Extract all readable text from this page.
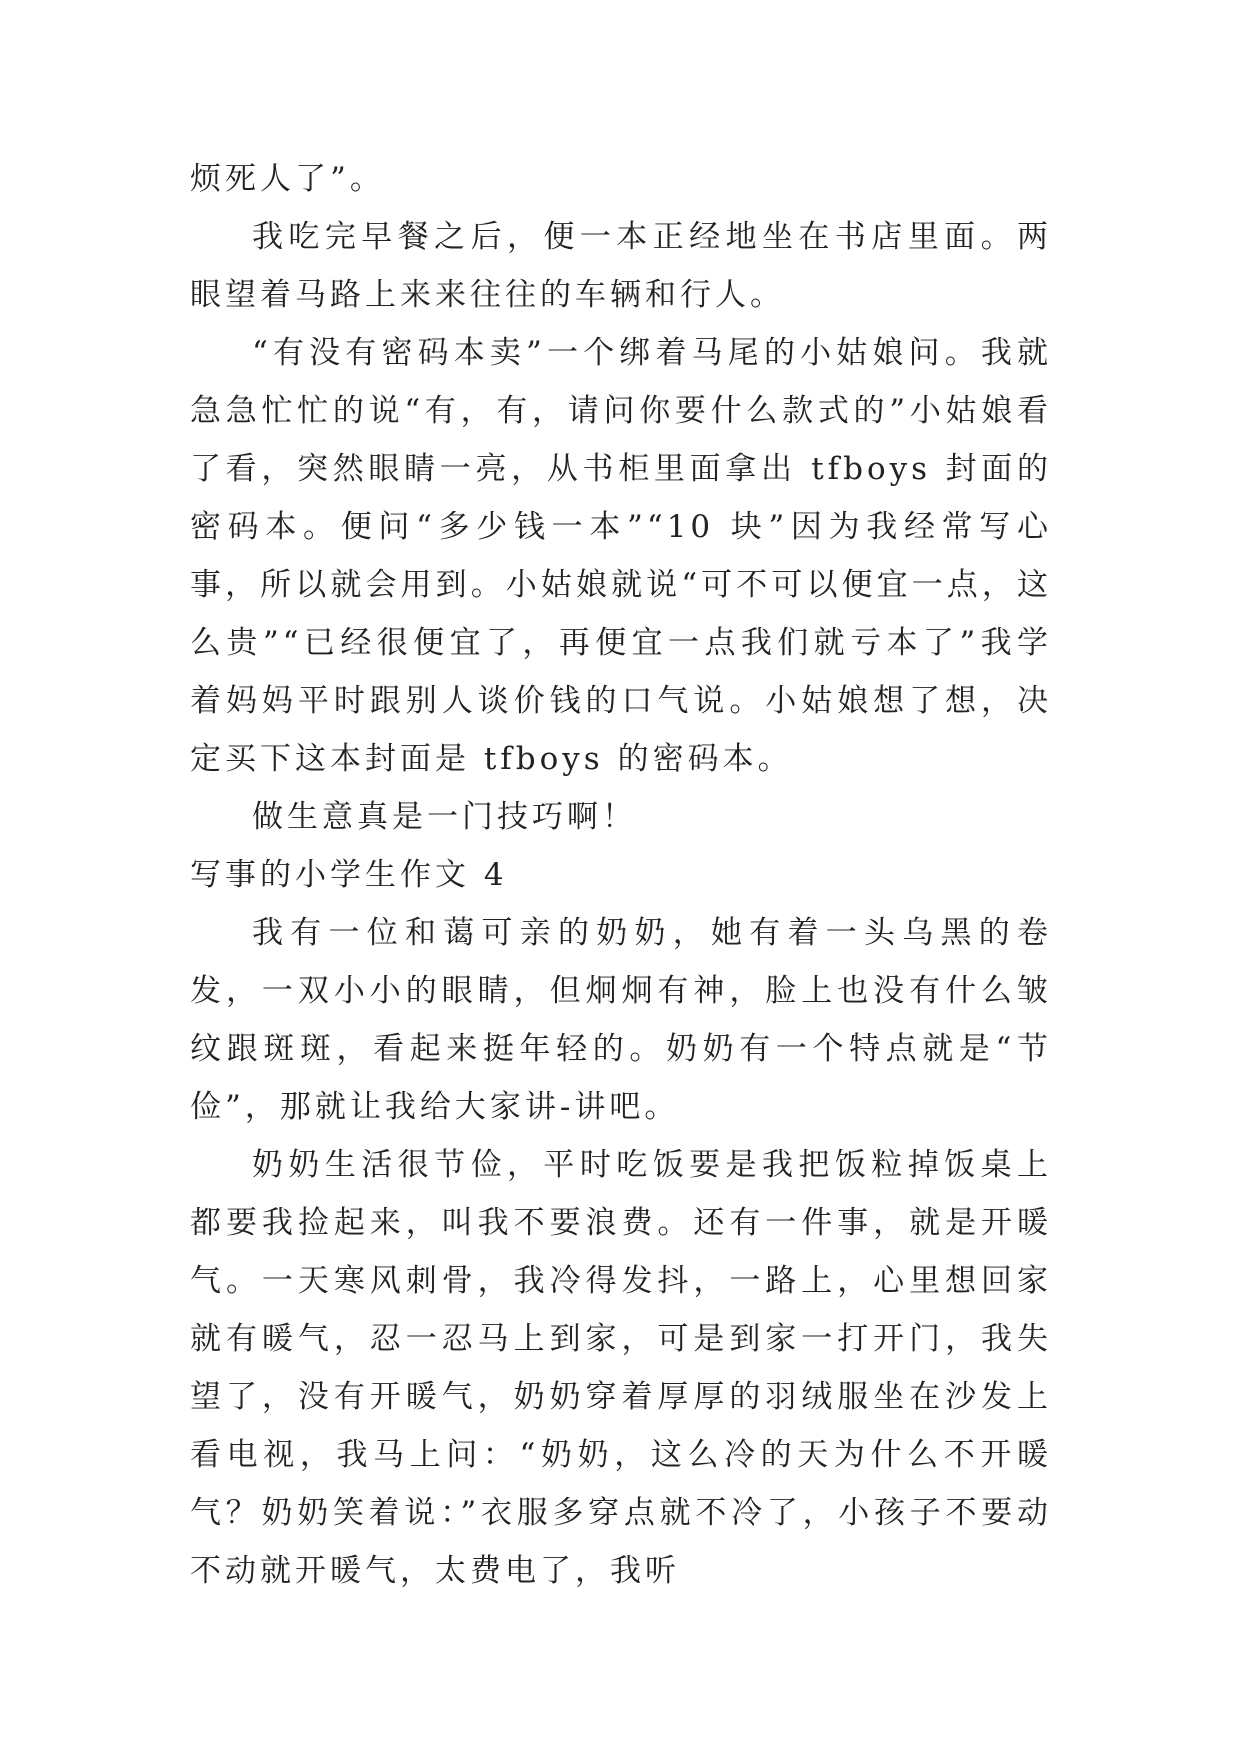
烦死人了”。

我吃完早餐之后，便一本正经地坐在书店里面。两眼望着马路上来来往往的车辆和行人。

“有没有密码本卖”一个绑着马尾的小姑娘问。我就急急忙忙的说“有，有，请问你要什么款式的”小姑娘看了看，突然眼睛一亮，从书柜里面拿出 tfboys 封面的密码本。便问“多少钱一本”“10 块”因为我经常写心事，所以就会用到。小姑娘就说“可不可以便宜一点，这么贵”“已经很便宜了，再便宜一点我们就亏本了”我学着妈妈平时跟别人谈价钱的口气说。小姑娘想了想，决定买下这本封面是 tfboys 的密码本。

做生意真是一门技巧啊！

写事的小学生作文 4

我有一位和蔼可亲的奶奶，她有着一头乌黑的卷发，一双小小的眼睛，但炯炯有神，脸上也没有什么皱纹跟斑斑，看起来挺年轻的。奶奶有一个特点就是“节俭”，那就让我给大家讲-讲吧。

奶奶生活很节俭，平时吃饭要是我把饭粒掉饭桌上都要我捡起来，叫我不要浪费。还有一件事，就是开暖气。一天寒风刺骨，我冷得发抖，一路上，心里想回家就有暖气，忍一忍马上到家，可是到家一打开门，我失望了，没有开暖气，奶奶穿着厚厚的羽绒服坐在沙发上看电视，我马上问：“奶奶，这么冷的天为什么不开暖气？奶奶笑着说：”衣服多穿点就不冷了，小孩子不要动不动就开暖气，太费电了，我听
